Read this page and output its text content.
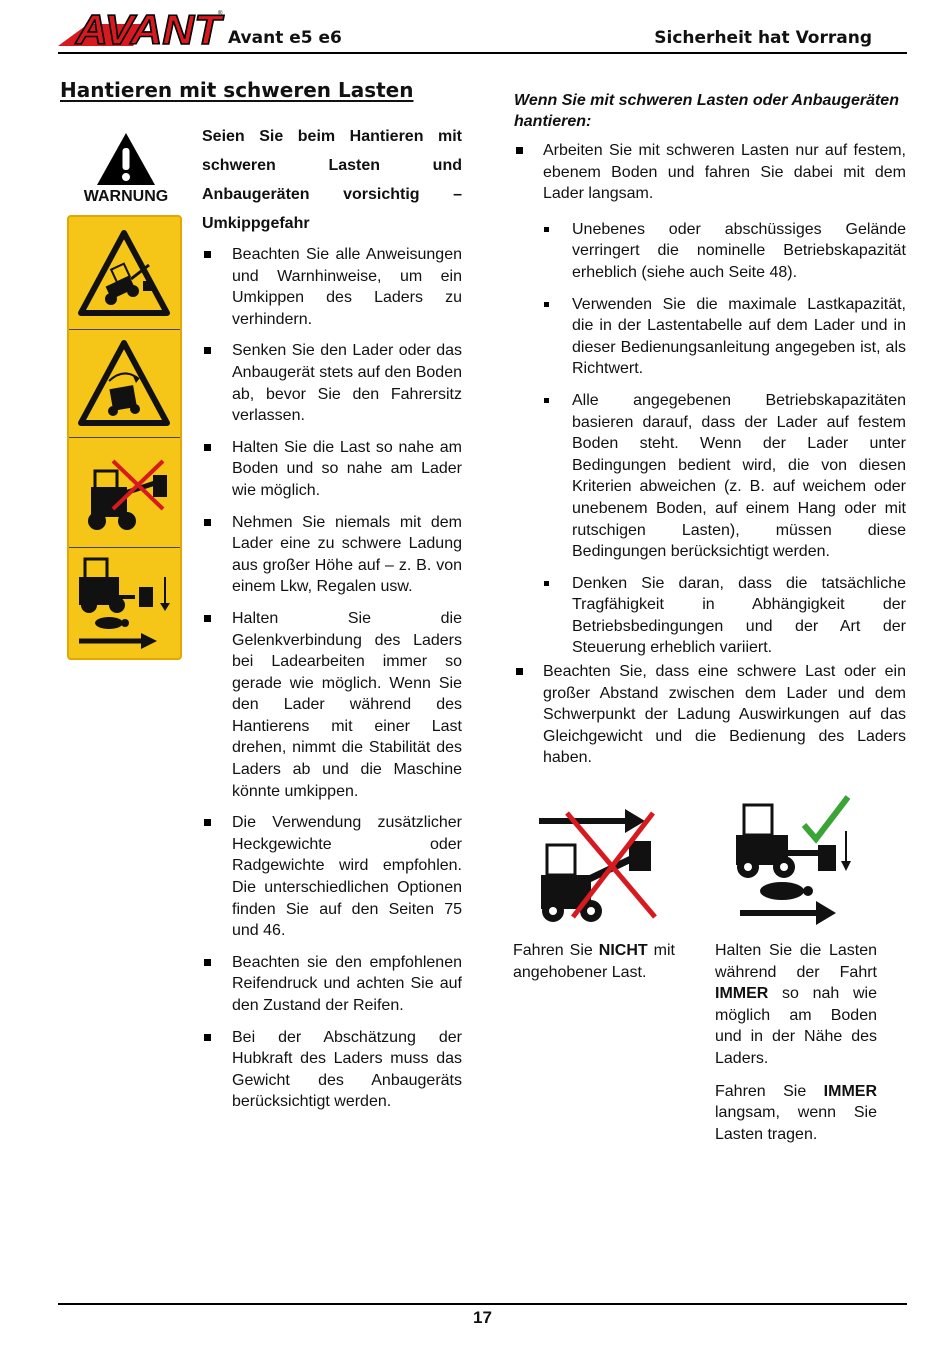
AVANT
®
Avant e5 e6	Sicherheit hat Vorrang
Hantieren mit schweren Lasten
WARNUNG

Seien Sie beim Hantieren mit schweren Lasten und Anbaugeräten vorsichtig – Umkippgefahr

Beachten Sie alle Anweisungen und Warnhinweise, um ein Umkippen des Laders zu verhindern.
Senken Sie den Lader oder das Anbaugerät stets auf den Boden ab, bevor Sie den Fahrersitz verlassen.
Halten Sie die Last so nahe am Boden und so nahe am Lader wie möglich.
Nehmen Sie niemals mit dem Lader eine zu schwere Ladung aus großer Höhe auf – z. B. von einem Lkw, Regalen usw.
Halten Sie die Gelenkverbindung des Laders bei Ladearbeiten immer so gerade wie möglich. Wenn Sie den Lader während des Hantierens mit einer Last drehen, nimmt die Stabilität des Laders ab und die Maschine könnte umkippen.
Die Verwendung zusätzlicher Heckgewichte oder Radgewichte wird empfohlen. Die unterschiedlichen Optionen finden Sie auf den Seiten 75 und 46.
Beachten sie den empfohlenen Reifendruck und achten Sie auf den Zustand der Reifen.
Bei der Abschätzung der Hubkraft des Laders muss das Gewicht des Anbaugeräts berücksichtigt werden.

Wenn Sie mit schweren Lasten oder Anbaugeräten hantieren:

Arbeiten Sie mit schweren Lasten nur auf festem, ebenem Boden und fahren Sie dabei mit dem Lader langsam.
Unebenes oder abschüssiges Gelände verringert die nominelle Betriebskapazität erheblich (siehe auch Seite 48).
Verwenden Sie die maximale Lastkapazität, die in der Lastentabelle auf dem Lader und in dieser Bedienungsanleitung angegeben ist, als Richtwert.
Alle angegebenen Betriebskapazitäten basieren darauf, dass der Lader auf festem Boden steht. Wenn der Lader unter Bedingungen bedient wird, die von diesen Kriterien abweichen (z. B. auf weichem oder unebenem Boden, auf einem Hang oder mit rutschigen Lasten), müssen diese Bedingungen berücksichtigt werden.
Denken Sie daran, dass die tatsächliche Tragfähigkeit in Abhängigkeit der Betriebsbedingungen und der Art der Steuerung erheblich variiert.
Beachten Sie, dass eine schwere Last oder ein großer Abstand zwischen dem Lader und dem Schwerpunkt der Ladung Auswirkungen auf das Gleichgewicht und die Bedienung des Laders haben.

Fahren Sie NICHT mit angehobener Last.

Halten Sie die Lasten während der Fahrt IMMER so nah wie möglich am Boden und in der Nähe des Laders.

Fahren Sie IMMER langsam, wenn Sie Lasten tragen.

17
